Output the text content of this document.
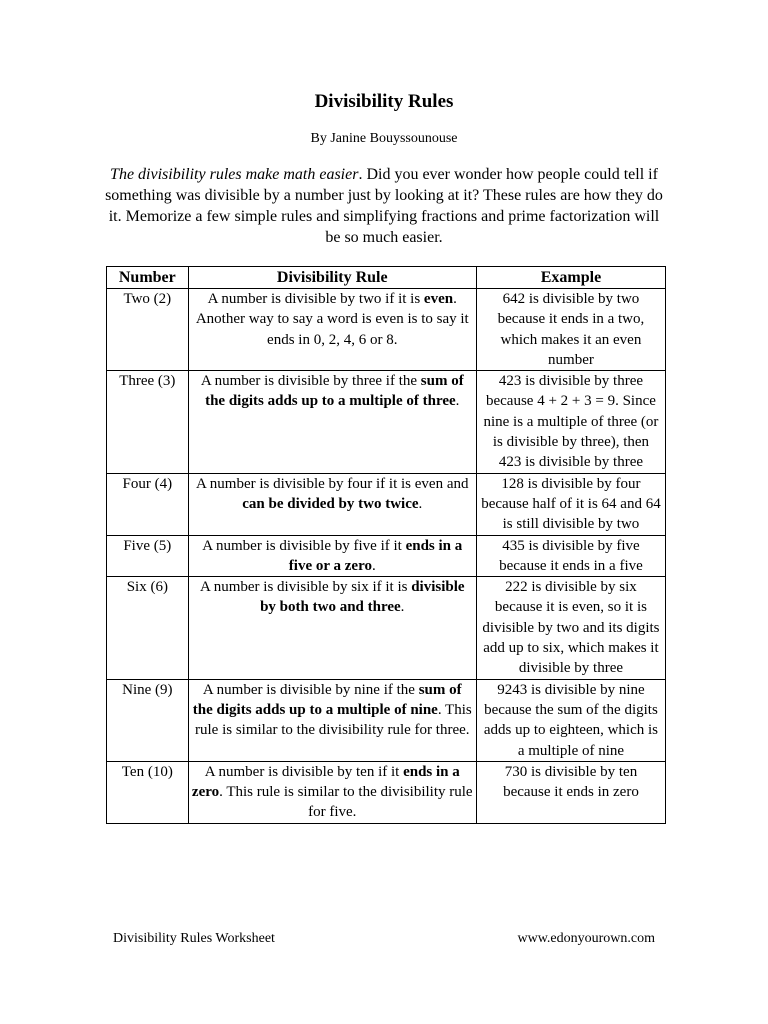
Divisibility Rules
By Janine Bouyssounouse
The divisibility rules make math easier. Did you ever wonder how people could tell if something was divisible by a number just by looking at it? These rules are how they do it. Memorize a few simple rules and simplifying fractions and prime factorization will be so much easier.
Number	Divisibility Rule	Example
Two (2)	A number is divisible by two if it is even. Another way to say a word is even is to say it ends in 0, 2, 4, 6 or 8.	642 is divisible by two because it ends in a two, which makes it an even number
Three (3)	A number is divisible by three if the sum of the digits adds up to a multiple of three.	423 is divisible by three because 4 + 2 + 3 = 9. Since nine is a multiple of three (or is divisible by three), then 423 is divisible by three
Four (4)	A number is divisible by four if it is even and can be divided by two twice.	128 is divisible by four because half of it is 64 and 64 is still divisible by two
Five (5)	A number is divisible by five if it ends in a five or a zero.	435 is divisible by five because it ends in a five
Six (6)	A number is divisible by six if it is divisible by both two and three.	222 is divisible by six because it is even, so it is divisible by two and its digits add up to six, which makes it divisible by three
Nine (9)	A number is divisible by nine if the sum of the digits adds up to a multiple of nine. This rule is similar to the divisibility rule for three.	9243 is divisible by nine because the sum of the digits adds up to eighteen, which is a multiple of nine
Ten (10)	A number is divisible by ten if it ends in a zero. This rule is similar to the divisibility rule for five.	730 is divisible by ten because it ends in zero
Divisibility Rules Worksheet	www.edonyourown.com
